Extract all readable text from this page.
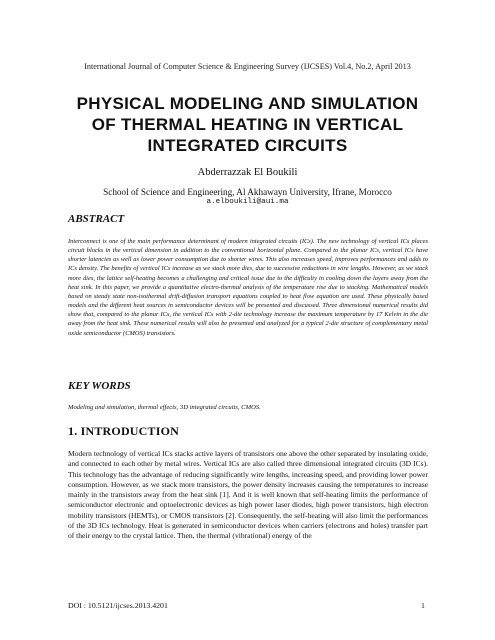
International Journal of Computer Science & Engineering Survey (IJCSES) Vol.4, No.2, April 2013
PHYSICAL MODELING AND SIMULATION
OF THERMAL HEATING IN VERTICAL
INTEGRATED CIRCUITS
Abderrazzak El Boukili
School of Science and Engineering, Al Akhawayn University, Ifrane, Morocco
a.elboukili@aui.ma
ABSTRACT
Interconnect is one of the main performance determinant of modern integrated circuits (ICs). The new technology of vertical ICs places circuit blocks in the vertical dimension in addition to the conventional horizontal plane. Compared to the planar ICs, vertical ICs have shorter latencies as well as lower power consumption due to shorter wires. This also increases speed, improves performances and adds to ICs density. The benefits of vertical ICs increase as we stack more dies, due to successive reductions in wire lengths. However, as we stack more dies, the lattice self-heating becomes a challenging and critical issue due to the difficulty in cooling down the layers away from the heat sink. In this paper, we provide a quantitative electro-thermal analysis of the temperature rise due to stacking. Mathematical models based on steady state non-isothermal drift-diffusion transport equations coupled to heat flow equation are used. These physically based models and the different heat sources in semiconductor devices will be presented and discussed. Three dimensional numerical results did show that, compared to the planar ICs, the vertical ICs with 2-die technology increase the maximum temperature by 17 Kelvin in the die away from the heat sink. These numerical results will also be presented and analyzed for a typical 2-die structure of complementary metal oxide semiconductor (CMOS) transistors.
KEY WORDS
Modeling and simulation, thermal effects, 3D integrated circuits, CMOS.
1. INTRODUCTION
Modern technology of vertical ICs stacks active layers of transistors one above the other separated by insulating oxide, and connected to each other by metal wires. Vertical ICs are also called three dimensional integrated circuits (3D ICs). This technology has the advantage of reducing significantly wire lengths, increasing speed, and providing lower power consumption. However, as we stack more transistors, the power density increases causing the temperatures to increase mainly in the transistors away from the heat sink [1]. And it is well known that self-heating limits the performance of semiconductor electronic and optoelectronic devices as high power laser diodes, high power transistors, high electron mobility transistors (HEMTs), or CMOS transistors [2]. Consequently, the self-heating will also limit the performances of the 3D ICs technology. Heat is generated in semiconductor devices when carriers (electrons and holes) transfer part of their energy to the crystal lattice. Then, the thermal (vibrational) energy of the
DOI : 10.5121/ijcses.2013.4201	1
